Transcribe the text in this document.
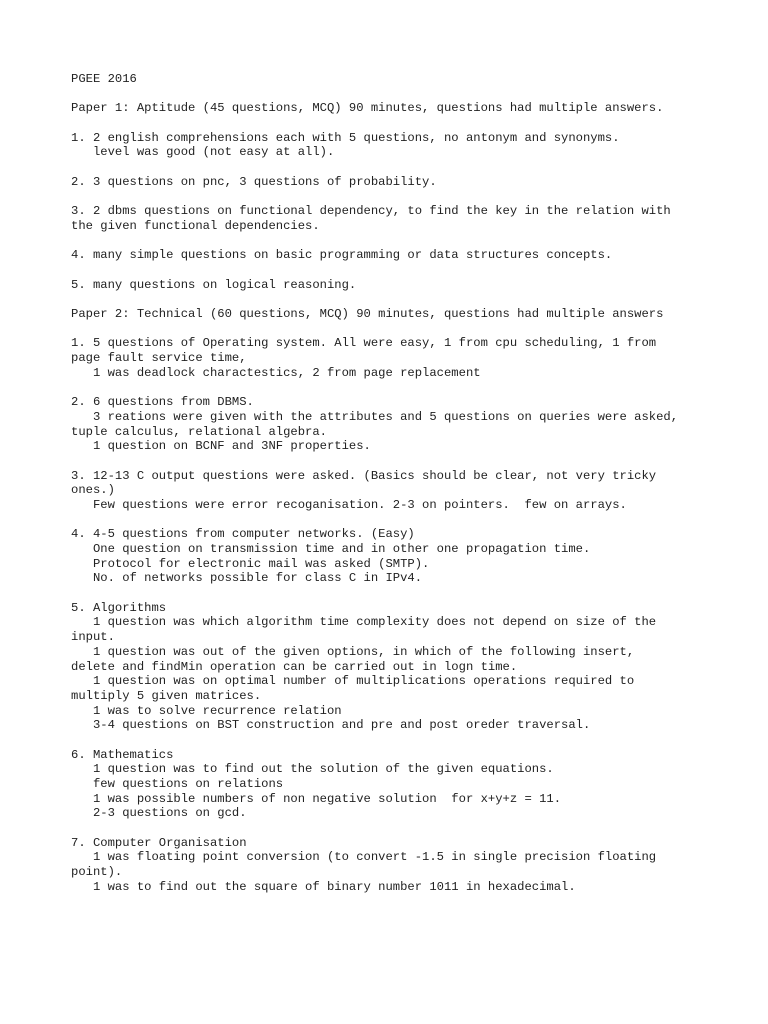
PGEE 2016
Paper 1: Aptitude (45 questions, MCQ) 90 minutes, questions had multiple answers.
1. 2 english comprehensions each with 5 questions, no antonym and synonyms.
level was good (not easy at all).
2. 3 questions on pnc, 3 questions of probability.
3. 2 dbms questions on functional dependency, to find the key in the relation with
the given functional dependencies.
4. many simple questions on basic programming or data structures concepts.
5. many questions on logical reasoning.
Paper 2: Technical (60 questions, MCQ) 90 minutes, questions had multiple answers
1. 5 questions of Operating system. All were easy, 1 from cpu scheduling, 1 from
page fault service time,
1 was deadlock charactestics, 2 from page replacement
2. 6 questions from DBMS.
3 reations were given with the attributes and 5 questions on queries were asked,
tuple calculus, relational algebra.
1 question on BCNF and 3NF properties.
3. 12-13 C output questions were asked. (Basics should be clear, not very tricky
ones.)
Few questions were error recoganisation. 2-3 on pointers.  few on arrays.
4. 4-5 questions from computer networks. (Easy)
One question on transmission time and in other one propagation time.
Protocol for electronic mail was asked (SMTP).
No. of networks possible for class C in IPv4.
5. Algorithms
1 question was which algorithm time complexity does not depend on size of the
input.
1 question was out of the given options, in which of the following insert,
delete and findMin operation can be carried out in logn time.
1 question was on optimal number of multiplications operations required to
multiply 5 given matrices.
1 was to solve recurrence relation
3-4 questions on BST construction and pre and post oreder traversal.
6. Mathematics
1 question was to find out the solution of the given equations.
few questions on relations
1 was possible numbers of non negative solution  for x+y+z = 11.
2-3 questions on gcd.
7. Computer Organisation
1 was floating point conversion (to convert -1.5 in single precision floating
point).
1 was to find out the square of binary number 1011 in hexadecimal.
